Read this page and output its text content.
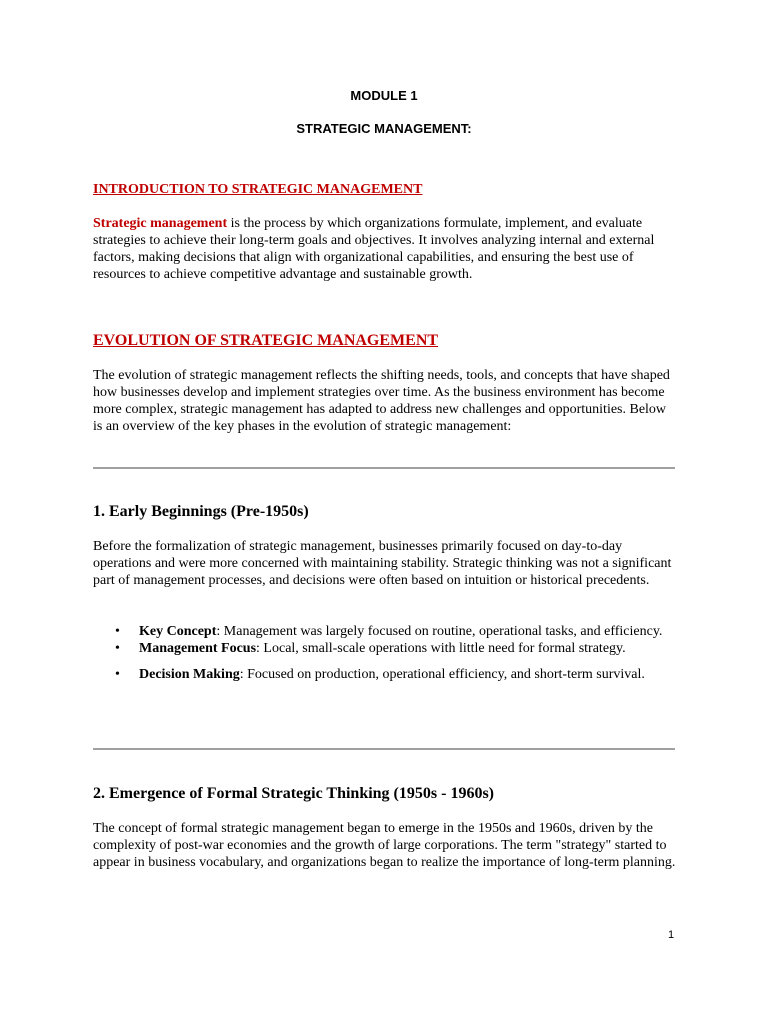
MODULE 1
STRATEGIC MANAGEMENT:
INTRODUCTION TO STRATEGIC MANAGEMENT

Strategic management is the process by which organizations formulate, implement, and evaluate strategies to achieve their long-term goals and objectives. It involves analyzing internal and external factors, making decisions that align with organizational capabilities, and ensuring the best use of resources to achieve competitive advantage and sustainable growth.

EVOLUTION OF STRATEGIC MANAGEMENT

The evolution of strategic management reflects the shifting needs, tools, and concepts that have shaped how businesses develop and implement strategies over time. As the business environment has become more complex, strategic management has adapted to address new challenges and opportunities. Below is an overview of the key phases in the evolution of strategic management:

1. Early Beginnings (Pre-1950s)

Before the formalization of strategic management, businesses primarily focused on day-to-day operations and were more concerned with maintaining stability. Strategic thinking was not a significant part of management processes, and decisions were often based on intuition or historical precedents.

• Key Concept: Management was largely focused on routine, operational tasks, and efficiency.
• Management Focus: Local, small-scale operations with little need for formal strategy.
• Decision Making: Focused on production, operational efficiency, and short-term survival.
2. Emergence of Formal Strategic Thinking (1950s - 1960s)

The concept of formal strategic management began to emerge in the 1950s and 1960s, driven by the complexity of post-war economies and the growth of large corporations. The term "strategy" started to appear in business vocabulary, and organizations began to realize the importance of long-term planning.

1
